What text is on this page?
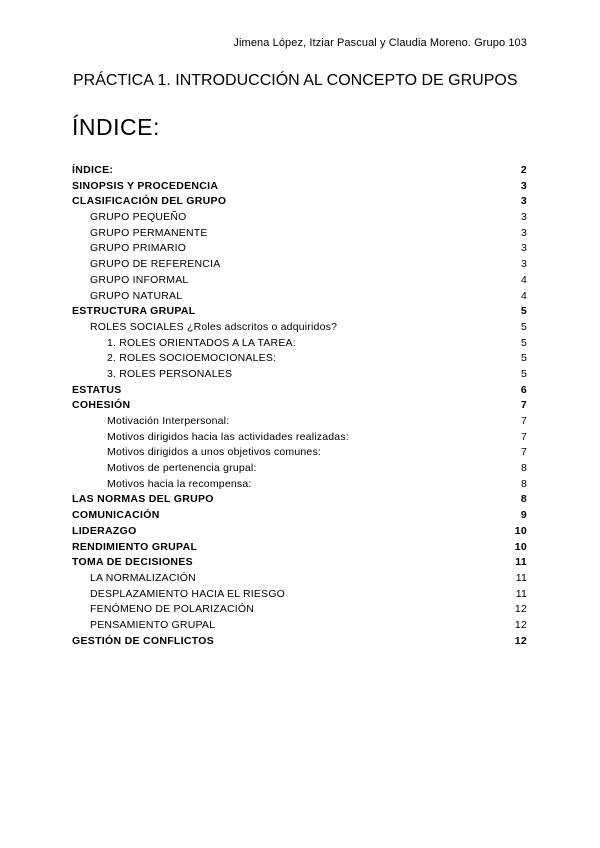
Jimena López, Itziar Pascual y Claudia Moreno. Grupo 103
PRÁCTICA 1. INTRODUCCIÓN AL CONCEPTO DE GRUPOS
ÍNDICE:
ÍNDICE:	2
SINOPSIS Y PROCEDENCIA	3
CLASIFICACIÓN DEL GRUPO	3
GRUPO PEQUEÑO	3
GRUPO PERMANENTE	3
GRUPO PRIMARIO	3
GRUPO DE REFERENCIA	3
GRUPO INFORMAL	4
GRUPO NATURAL	4
ESTRUCTURA GRUPAL	5
ROLES SOCIALES ¿Roles adscritos o adquiridos?	5
1. ROLES ORIENTADOS A LA TAREA:	5
2. ROLES SOCIOEMOCIONALES:	5
3. ROLES PERSONALES	5
ESTATUS	6
COHESIÓN	7
Motivación Interpersonal:	7
Motivos dirigidos hacia las actividades realizadas:	7
Motivos dirigidos a unos objetivos comunes:	7
Motivos de pertenencia grupal:	8
Motivos hacia la recompensa:	8
LAS NORMAS DEL GRUPO	8
COMUNICACIÓN	9
LIDERAZGO	10
RENDIMIENTO GRUPAL	10
TOMA DE DECISIONES	11
LA NORMALIZACIÓN	11
DESPLAZAMIENTO HACIA EL RIESGO	11
FENÓMENO DE POLARIZACIÓN	12
PENSAMIENTO GRUPAL	12
GESTIÓN DE CONFLICTOS	12
